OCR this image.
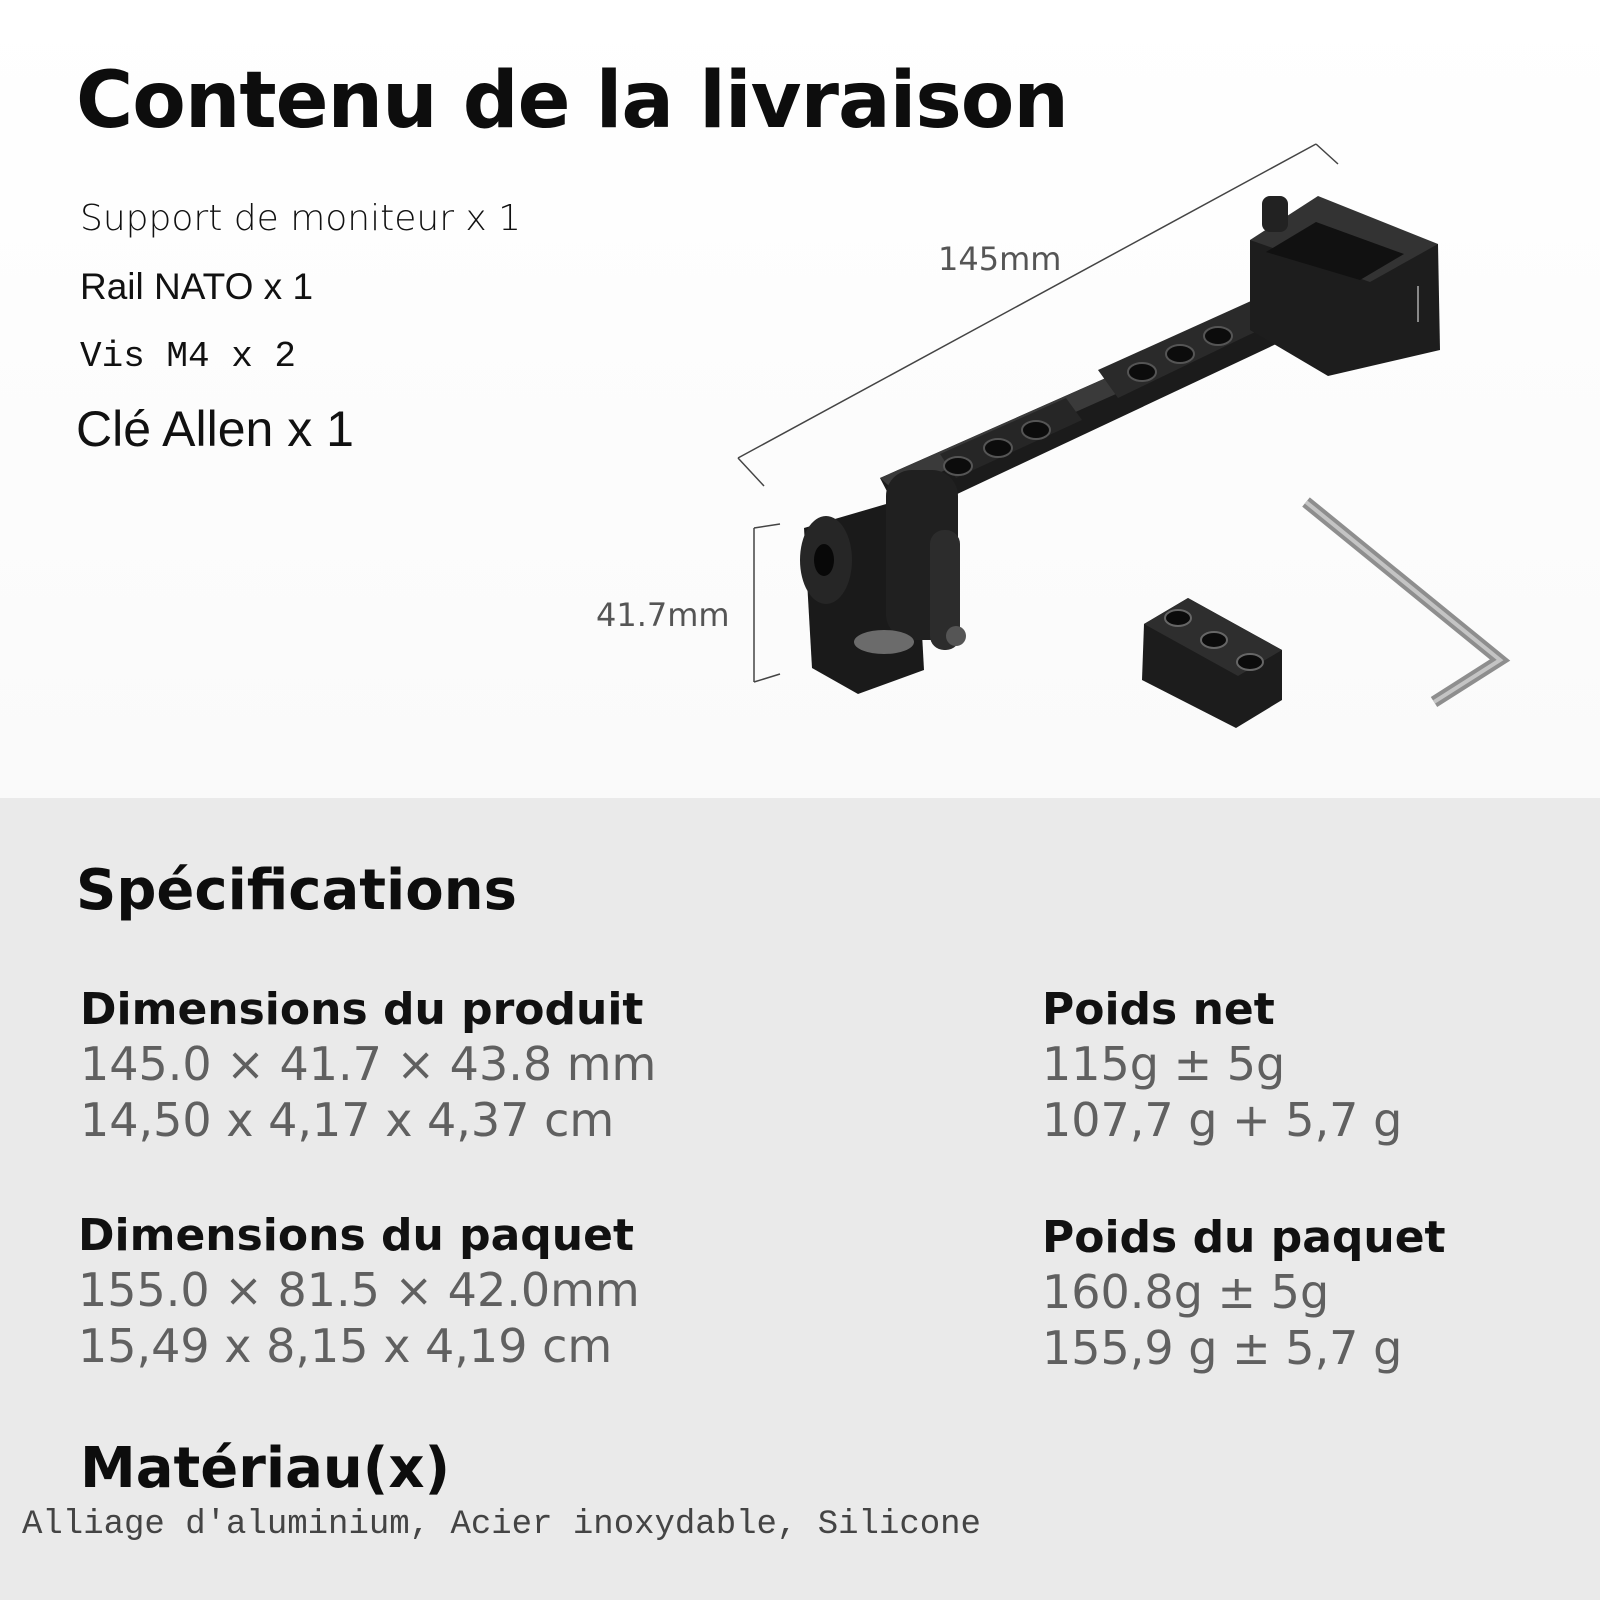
Contenu de la livraison
Support de moniteur x 1
Rail NATO x 1
Vis M4 x 2
Clé Allen x 1
145mm
41.7mm
Spécifications
Dimensions du produit
145.0 × 41.7 × 43.8 mm
14,50 x 4,17 x 4,37 cm
Poids net
115g ± 5g
107,7 g + 5,7 g
Dimensions du paquet
155.0 × 81.5 × 42.0mm
15,49 x 8,15 x 4,19 cm
Poids du paquet
160.8g ± 5g
155,9 g ± 5,7 g
Matériau(x)
Alliage d'aluminium, Acier inoxydable, Silicone
